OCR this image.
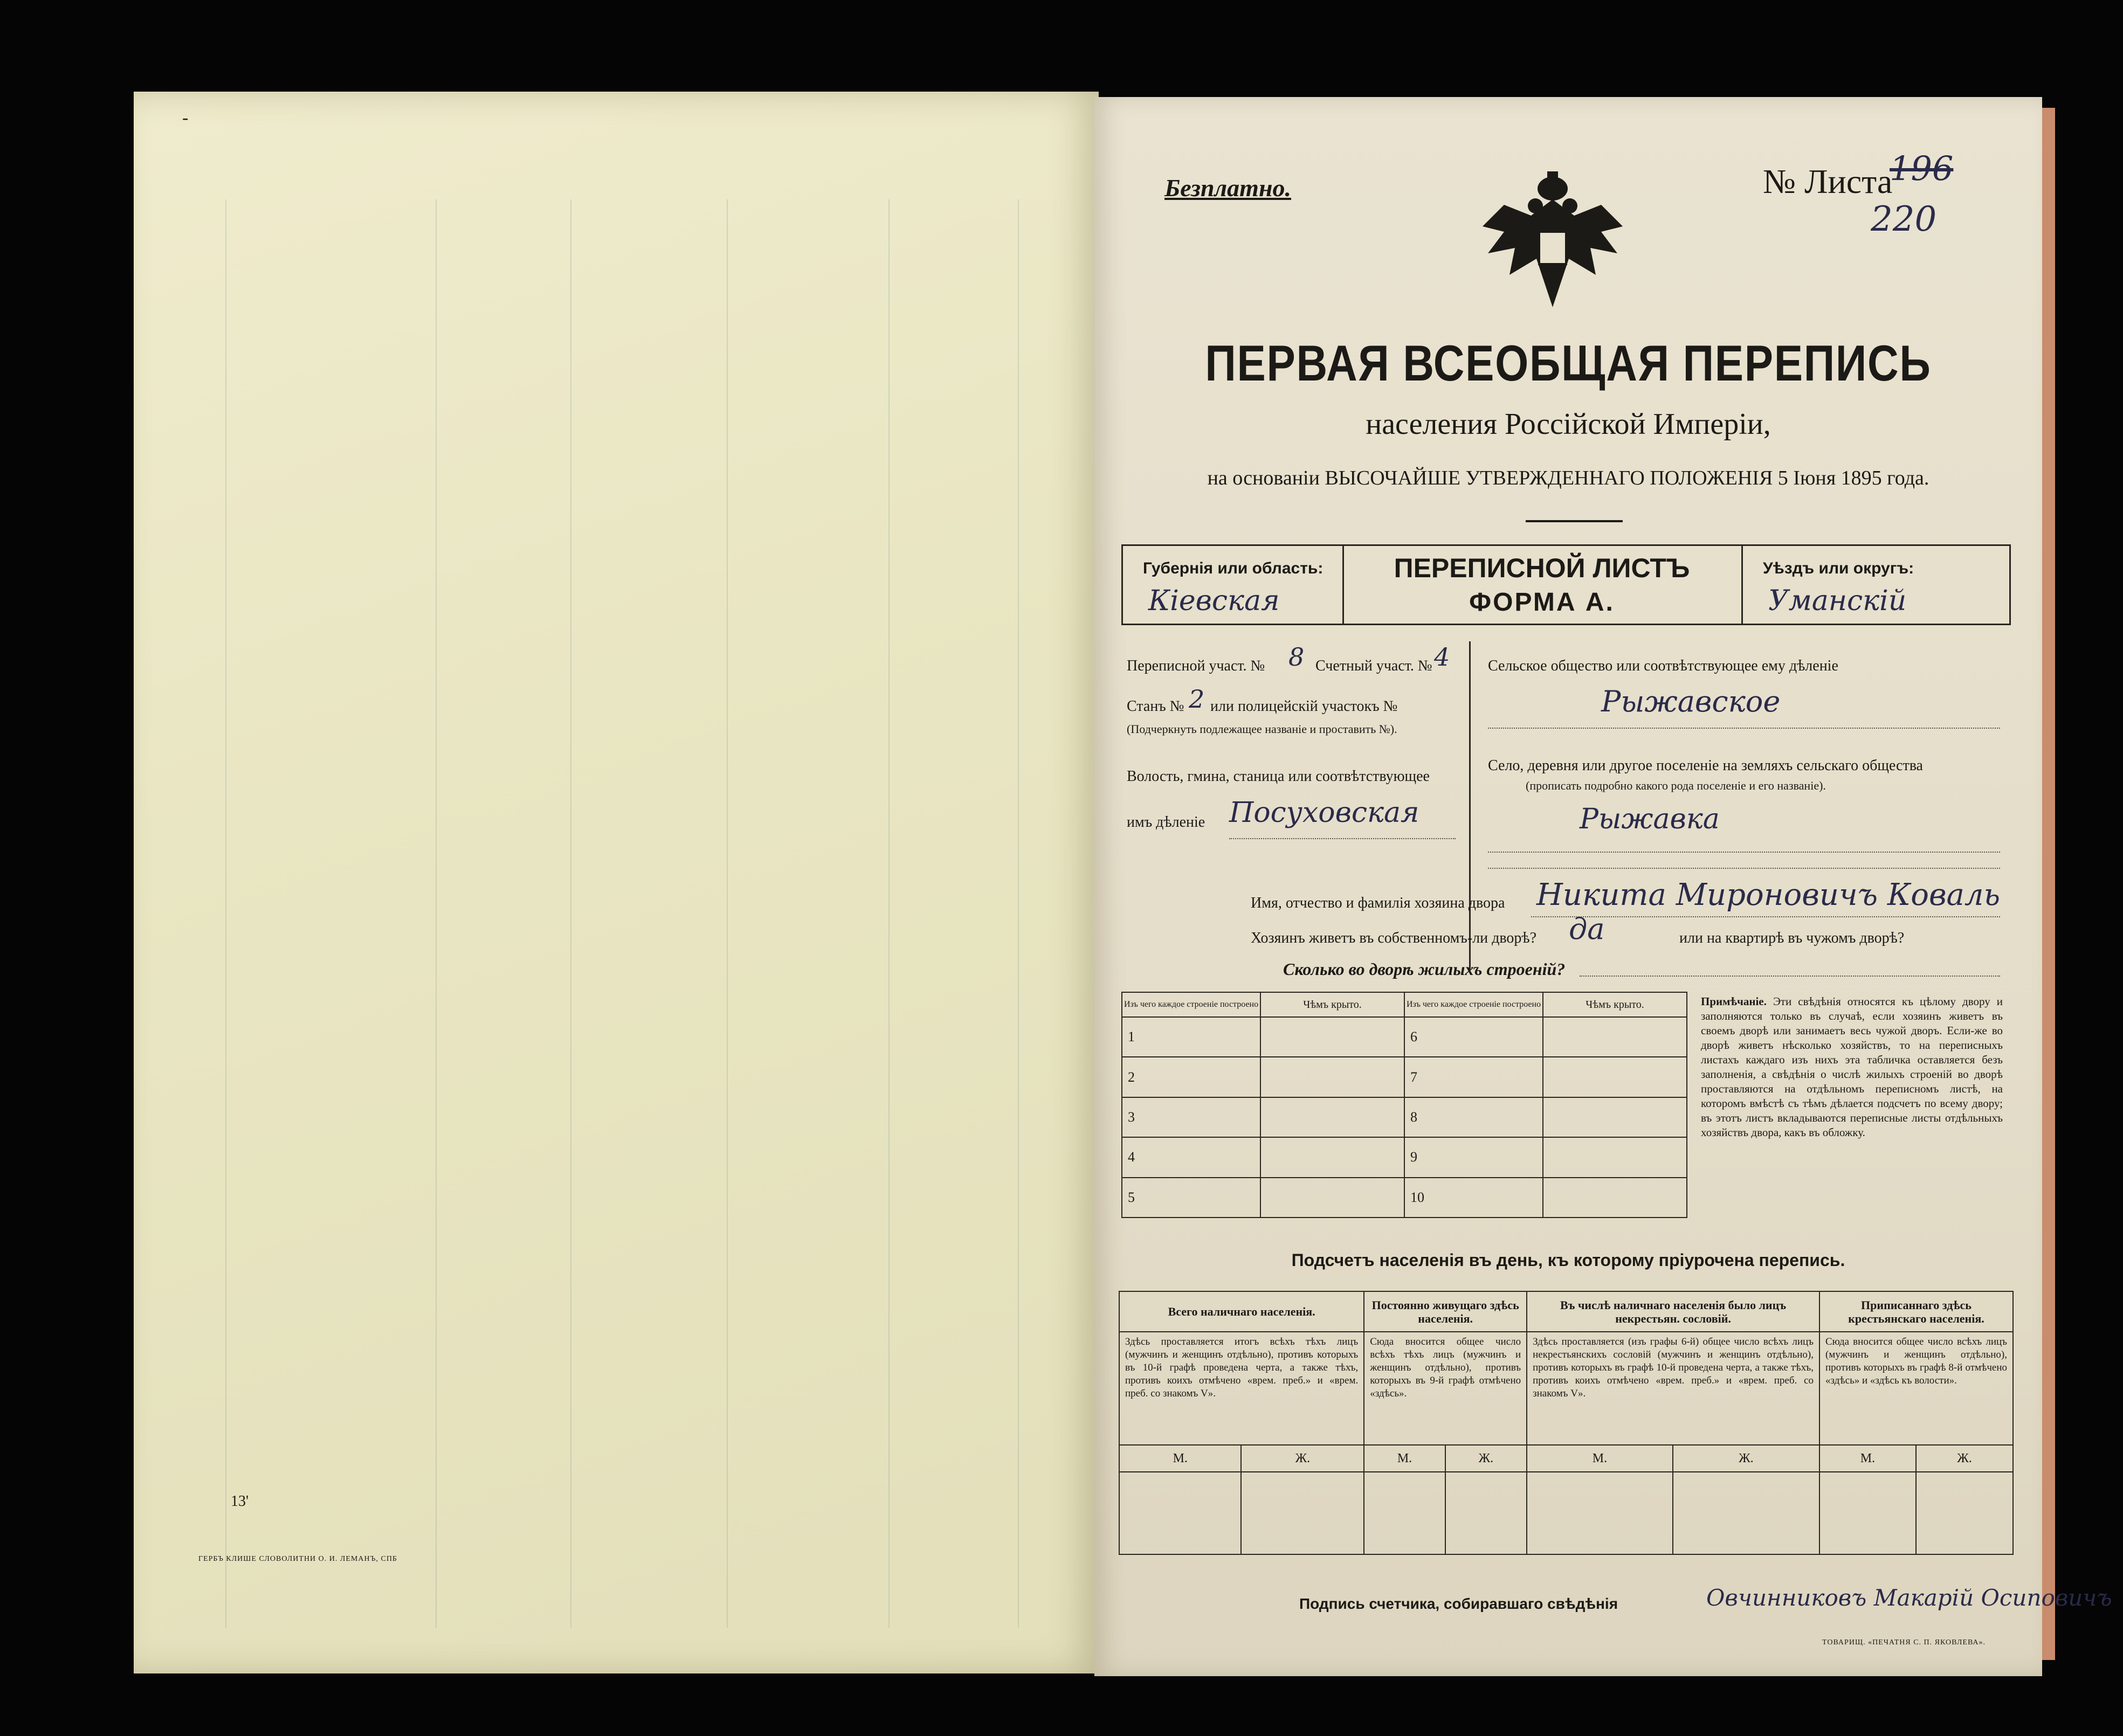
-
13'
ГЕРБЪ КЛИШЕ СЛОВОЛИТНИ О. И. ЛЕМАНЪ, СПБ
Безплатно.	№ Листа
196
220
ПЕРВАЯ ВСЕОБЩАЯ ПЕРЕПИСЬ
населения Россійской Имперіи,
на основаніи ВЫСОЧАЙШЕ УТВЕРЖДЕННАГО ПОЛОЖЕНІЯ 5 Іюня 1895 года.
Губернія или область:
Кіевская
ПЕРЕПИСНОЙ ЛИСТЪ
ФОРМА А.
Уѣздъ или округъ:
Уманскій
Переписной участ. № 8 Счетный участ. № 4
Станъ № 2 или полицейскій участокъ №
(Подчеркнуть подлежащее названіе и проставить №).
Волость, гмина, станица или соотвѣтствующее
имъ дѣленіе Посуховская
Сельское общество или соотвѣтствующее ему дѣленіе
Рыжавское
Село, деревня или другое поселеніе на земляхъ сельскаго общества
(прописать подробно какого рода поселеніе и его названіе).
Рыжавка
Имя, отчество и фамилія хозяина двора Никита Мироновичъ Коваль
Хозяинъ живетъ въ собственномъ-ли дворѣ? да	или на квартирѣ въ чужомъ дворѣ?
Сколько во дворѣ жилыхъ строеній?
Изъ чего каждое строеніе построено	Чѣмъ крыто.	Изъ чего каждое строеніе построено	Чѣмъ крыто.
1		6	
2		7	
3		8	
4		9	
5		10	
Примѣчаніе. Эти свѣдѣнія относятся къ цѣлому двору и заполняются только въ случаѣ, если хозяинъ живетъ въ своемъ дворѣ или занимаетъ весь чужой дворъ. Если-же во дворѣ живетъ нѣсколько хозяйствъ, то на переписныхъ листахъ каждаго изъ нихъ эта табличка оставляется безъ заполненія, а свѣдѣнія о числѣ жилыхъ строеній во дворѣ проставляются на отдѣльномъ переписномъ листѣ, на которомъ вмѣстѣ съ тѣмъ дѣлается подсчетъ по всему двору; въ этотъ листъ вкладываются переписные листы отдѣльныхъ хозяйствъ двора, какъ въ обложку.
Подсчетъ населенія въ день, къ которому пріурочена перепись.
Всего наличнаго населенія.		Постоянно живущаго здѣсь населенія.		Въ числѣ наличнаго населенія было лицъ некрестьян. сословій.		Приписаннаго здѣсь крестьянскаго населенія.	
Здѣсь проставляется итогъ всѣхъ тѣхъ лицъ (мужчинъ и женщинъ отдѣльно), противъ которыхъ въ 10-й графѣ проведена черта, а также тѣхъ, противъ коихъ отмѣчено «врем. преб.» и «врем. преб. со знакомъ V».		Сюда вносится общее число всѣхъ тѣхъ лицъ (мужчинъ и женщинъ отдѣльно), противъ которыхъ въ 9-й графѣ отмѣчено «здѣсь».		Здѣсь проставляется (изъ графы 6-й) общее число всѣхъ лицъ некрестьянскихъ сословій (мужчинъ и женщинъ отдѣльно), противъ которыхъ въ графѣ 10-й проведена черта, а также тѣхъ, противъ коихъ отмѣчено «врем. преб.» и «врем. преб. со знакомъ V».		Сюда вносится общее число всѣхъ лицъ (мужчинъ и женщинъ отдѣльно), противъ которыхъ въ графѣ 8-й отмѣчено «здѣсь» и «здѣсь къ волости».	
М.	Ж.	М.	Ж.	М.	Ж.	М.	Ж.

Подпись счетчика, собиравшаго свѣдѣнія	Овчинниковъ Макарій Осиповичъ
ТОВАРИЩ. «ПЕЧАТНЯ С. П. ЯКОВЛЕВА».
